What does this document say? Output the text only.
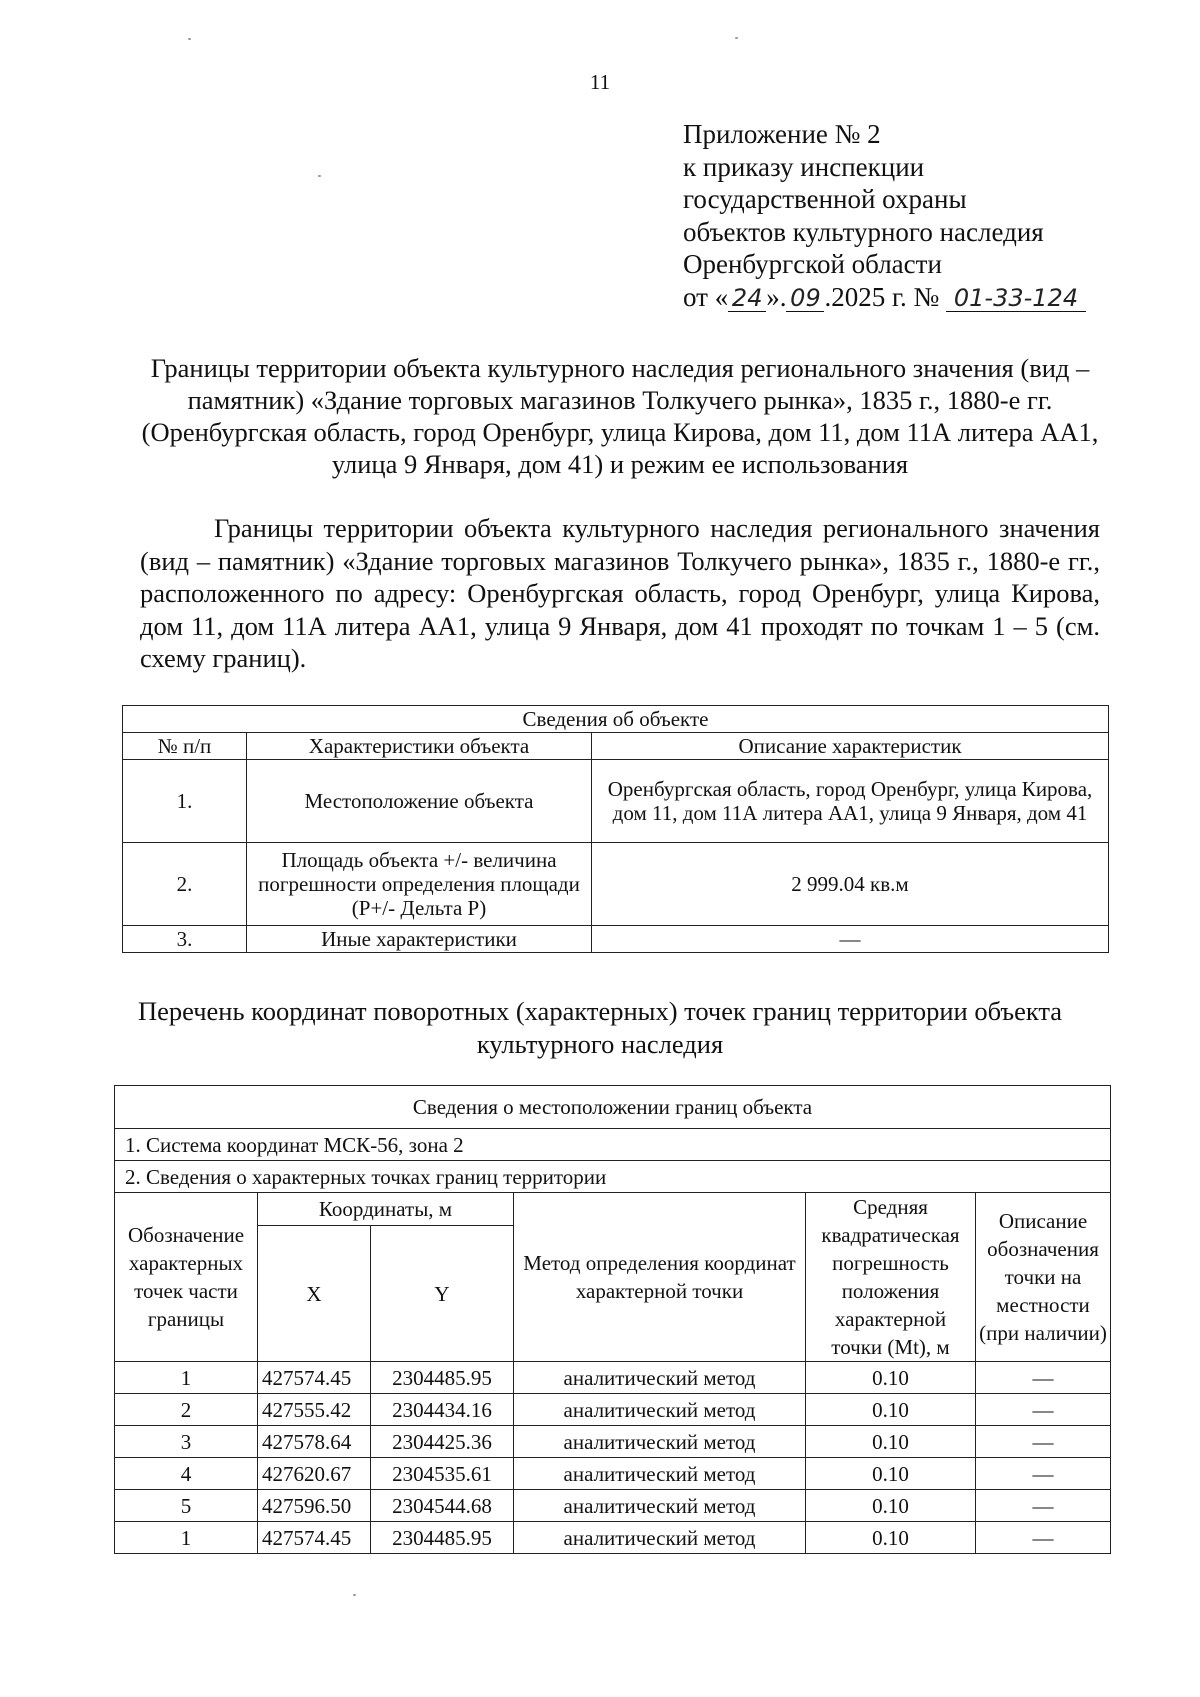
11
Приложение № 2
к приказу инспекции
государственной охраны
объектов культурного наследия
Оренбургской области
от « 24 ». 09 .2025 г. № 01-33-124
Границы территории объекта культурного наследия регионального значения (вид – памятник) «Здание торговых магазинов Толкучего рынка», 1835 г., 1880-е гг. (Оренбургская область, город Оренбург, улица Кирова, дом 11, дом 11А литера АА1, улица 9 Января, дом 41) и режим ее использования
Границы территории объекта культурного наследия регионального значения (вид – памятник) «Здание торговых магазинов Толкучего рынка», 1835 г., 1880-е гг., расположенного по адресу: Оренбургская область, город Оренбург, улица Кирова, дом 11, дом 11А литера АА1, улица 9 Января, дом 41 проходят по точкам 1 – 5 (см. схему границ).
Сведения об объекте		
№ п/п	Характеристики объекта	Описание характеристик
1.	Местоположение объекта	Оренбургская область, город Оренбург, улица Кирова, дом 11, дом 11А литера АА1, улица 9 Января, дом 41
2.	Площадь объекта +/- величина погрешности определения площади (P+/- Дельта P)	2 999.04 кв.м
3.	Иные характеристики	—
Перечень координат поворотных (характерных) точек границ территории объекта культурного наследия
Сведения о местоположении границ объекта					
1. Система координат МСК-56, зона 2					
2. Сведения о характерных точках границ территории					
Обозначение характерных точек части границы	Координаты, м		Метод определения координат характерной точки	Средняя квадратическая погрешность положения характерной точки (Mt), м	Описание обозначения точки на местности (при наличии)
	X	Y			
1	427574.45	2304485.95	аналитический метод	0.10	—
2	427555.42	2304434.16	аналитический метод	0.10	—
3	427578.64	2304425.36	аналитический метод	0.10	—
4	427620.67	2304535.61	аналитический метод	0.10	—
5	427596.50	2304544.68	аналитический метод	0.10	—
1	427574.45	2304485.95	аналитический метод	0.10	—
